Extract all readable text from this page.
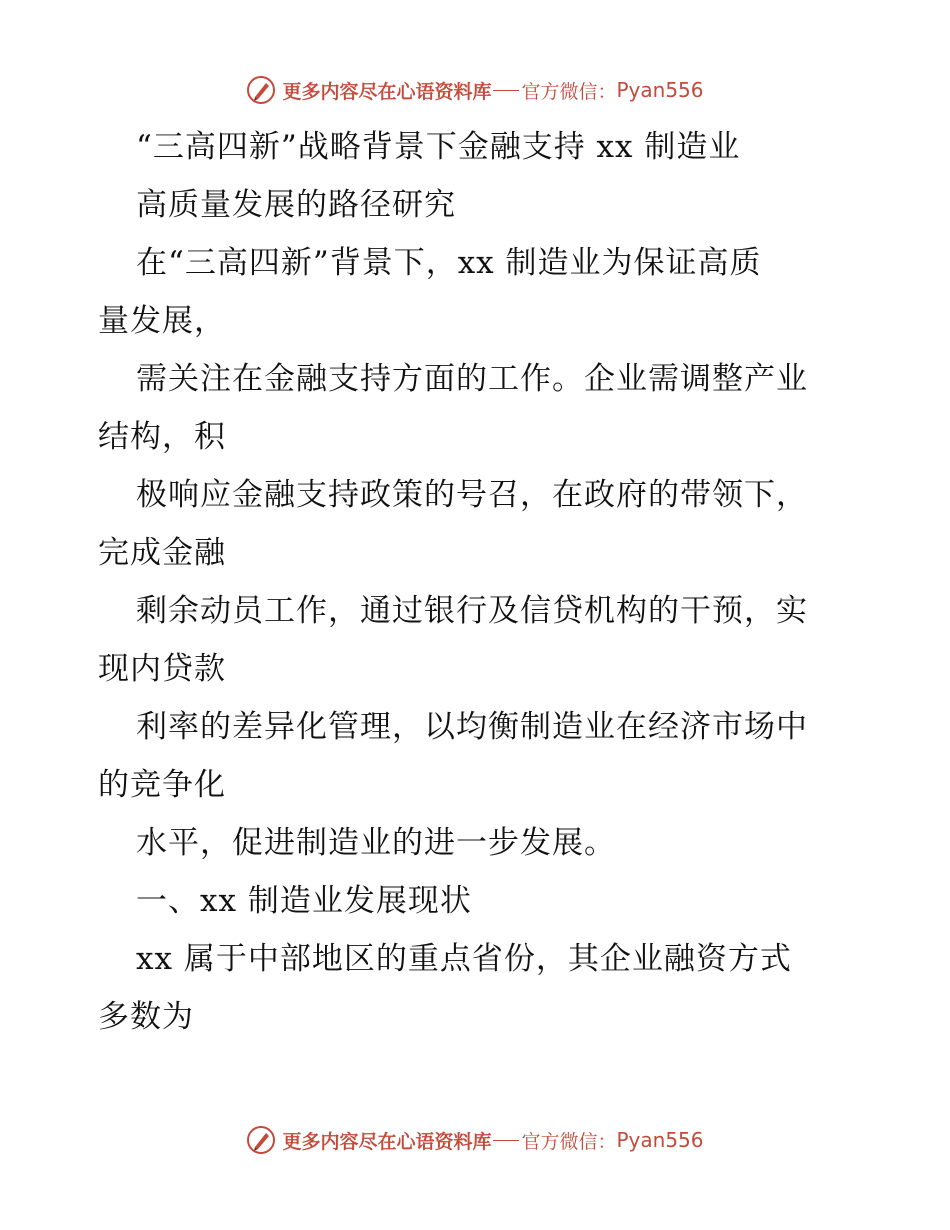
更多内容尽在心语资料库 官方微信： Pyan556
“三高四新”战略背景下金融支持 xx 制造业
高质量发展的路径研究
在“三高四新”背景下，xx 制造业为保证高质
量发展，
需关注在金融支持方面的工作。企业需调整产业
结构，积
极响应金融支持政策的号召，在政府的带领下，
完成金融
剩余动员工作，通过银行及信贷机构的干预，实
现内贷款
利率的差异化管理，以均衡制造业在经济市场中
的竞争化
水平，促进制造业的进一步发展。
一、xx 制造业发展现状
xx 属于中部地区的重点省份，其企业融资方式
多数为
更多内容尽在心语资料库 官方微信： Pyan556
